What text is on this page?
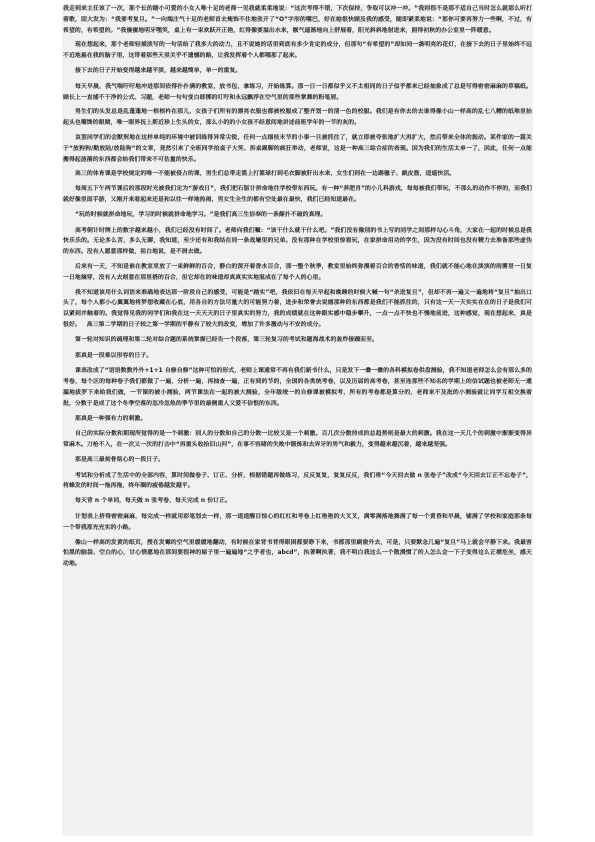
我走到来主任该了一次，那个长的瞎小可爱的小女人唯十足的老师一见我就柔柔地说：“这次考得不错，下次保持，争取可以冲一冲。”我则很不是那不适自己当时怎么就那么听打着歌，固大发为：“我要考复旦。”一向端庄气十足的老师首去掩饰不住地张开了“O”字形的嘴巴，好在她很快顾及我的感受，随即紧柔地说：“那你可要再努力一些啊，不过，有希望的，有希望的。”我傻傻地明牙嘿笑，桌上有一束欢跃开正艳，红得像要溢出水来，额气遥渐地向上舒展着，阳光斜斜地射进来，照得初秋的办公室里一阵暖意。

现在想起来，那个老师轻描淡写的一句话给了我多大的动力，且不说她的话里到底有多少肯定的成分，但那句“有希望的”却如同一盏明亮的花灯，在接下去的日子里始终不远不近地悬在我的脑子里，这带着那些天里关乎不遗憾的路，让我发挥着个人都哪那了起来。

接下去的日子开始变得越来越平淡，越来越简单，单一的重复。

每天早晨，我气喘吁吁地冲进那间依得扑扑满的教室，放书包，拿练习，开始练算。那一日一日都似乎又不太相同的日子似乎都来已经抽象成了总是写得密密麻麻的草稿纸。顾长上一直捕不干净的公式、习题，老师一句句变白卸掷的叮咛和永远飘浮在空气里的那些掌舞的粉笔屑。

男生们的头发总是乱蓬蓬地一根根杵在那儿，女孩子们所有的漂亮衣服也都被校服成了整齐划一的清一色的校服。我们是有你去的去谁得像小山一样高的乱七八糟的纸堆里抬起头也嘴馋的眼睛，唯一眼界抚上斯近珍上生头的女，那么小的的小女孩不经意间地讲述前班学年的一节的灰的。

哀罢同学们的会默契地在这样单纯的环境中被训练得异常尖锐，任何一点细枝末节的小事一旦被抓住了，就立即被夸张地扩大再扩大，然后带来全体的振动。某件家的一篇关于“放狗狗/勤放陆/放陆狗”的文章，竟然引来了全班同学拍桌子大笑、拆桌踢脚的疯狂举动，老师说，这是一种高三综合症的表现。因为我们的生活太单一了，因此，任何一点能搬得起涟漪的东西都会给我们带来不可估量的快乐。

高三的体育课是学校规定的唯一不能被侵占的课，男生们总带走篮上打篮球打到毛衣脚被肝出水来，女生们则在一边踢毽子、跳皮筋，逍遥快活。

每周五下午两节课后的那段时光被我们定为“游戏日”，我们把石版计拼命地往学校带东西玩。有一种“养肥肖”的小儿科游戏，每每被我们带玩，不那么的动作不停的，而我们就好像里面手游，又刚开来看起来还是和以往一样地热闹，男女生全生的都有空处最在最快，我们已经知道最在。

“玩的时候就拼命地玩，学习的时候就拼命地学习。”是我们高三生信奉的一条颠扑不破的真理。

高考倒计时牌上的数字越来越小，我们已经没有时间了。老师向我们嘱：“该干什么就干什么吧。”我们没有像别的书上写的同学之间那样勾心斗角，大家在一起的时候总是我快乐乐的。无论多么苦，多么无聊，我知道，至少还有和我结在同一条战壕里的兄弟。没有那种在学校里惊看玩，在家拼命用功的学生，因为没有时间也没有精力去准备那些虚伪的东西。没有人愿意那样做，祖白地说，是不屑去做。

后来有一天，不知是谁在教室里放了一束鲜鲜的百合，静白的深开着香水百合，那一整个秋季，教室里始终弥漫着百合的香恬的味道，我们就不能心地在淡淡的雨雾里一日复一日地摘穿，没有人去刻意在那里搭的百合，但它却在的味道却真真实实地混成在了每个人的心里。

我不知道该用什么词语来准确地表达那一阶段自己的感受，可能是“踏实”吧，我依旧在每天早起和晚睡的时候大喊一句“杀进复旦”，但却不再一遍又一遍地将“复旦”抽出口头了，每个人都小心翼翼地将梦想收藏在心底，用各自的方法尽量大的可能努力着，进步和荣誉去说德那种的东西都是我们不能抓住的，只有这一天一天实实在在的日子是我们可以紧到并触着的。我觉得见我的同学们和我在这一天天天的日子里真实的努力，我的成绩就在这种跟实感中稳步攀升，一点一点不快也不慢地前进，这种感觉，现在想起来，真是很好。　高三第二学期的日子较之第一学期的平静有了较大的改变，增加了许多激动与不安的成分。

第一轮对知识的疏理和第二轮对综合题的系统掌握已经告一个段落，第三轮复习的考试和题海战术的轰炸接踵而至。

那真是一段难以形容的日子。

课表改成了“语语数数外外+1+1 自修自修”这种可怕的形式，老师上课通常不再有我们新书什么，只是发下一叠一叠的各科模拟卷供盘测验，我不知道老师怎么会有那么多的考卷，每个区的每种卷子我们都做了一遍，分析一遍，再抽查一遍，正有到的节的，全国的各类统考卷，以及历届的高考卷，甚至连那些不知名的学期上的信试题也被老师无一遗漏地拔罗下来给我们做，一节课的被小测验，两节课法在一起的被大测验，全年级统一的自修课被模拟考，所有的考卷都是算分的，老师来不及批的小测验就让同学互相交换着批，分数于是成了这个冬季空落的忽冷忽热的季节里的最侧重人又爱不信恨的东西。

那真是一种强有力的刺激。

自己的实际分数和期现所觉得的是一个刺激：别人的分数和自己的分数一比较又是一个刺激。百几次分数持成的总趋势则是最大的刺激。我在这一天几个的刺激中渐渐变得异常麻木。刀枪不入，在一次又一次的打击中“再重头收拾旧山河”，在事不容睹的失败中锻炼和去弄牙的男气和毅力，变得越来越沉着，越来越坚强。

那是高三最刻骨铭心的一段日子。

考试和分析成了生活中的全部内容，算时间做卷子、订正、分析，根据错题再做练习，反反复复，复复反反，我们将“今天回去做 n 张卷子”改成“今天回去订正不忘卷子”，将蜂发的时间一拖再拖，终年圈的疲倦越发越平。

每天背 n 个单词，每天做 n 张考卷，每天完成 n 份订正。

计划表上挤得密密麻麻，每完成一样就用彩笔划去一样，那一道道醒目惊心的红杠和考卷上红艳艳的大叉叉，满零满落地舞满了每一个黄昏和早晨，铺满了学校和家庭那条每一个带我那充充实的小路。

像山一样高的发黄的纸页，授在发霉的空气里缓缓地翻动，有时候在家背书背得眼困都要睁下来，书都那里刷窗外去，可是，只要默念几遍“复旦”马上就会平静下来。我最害怕黑的脑袋、空白的心，甘心情愿地在那间要很神的屋子里一遍遍地“之乎者也，abcd”，执著啊执著，我不明白我这么一个散漫惯了的人怎么会一下子变得这么正襟危坐，感天动地。
